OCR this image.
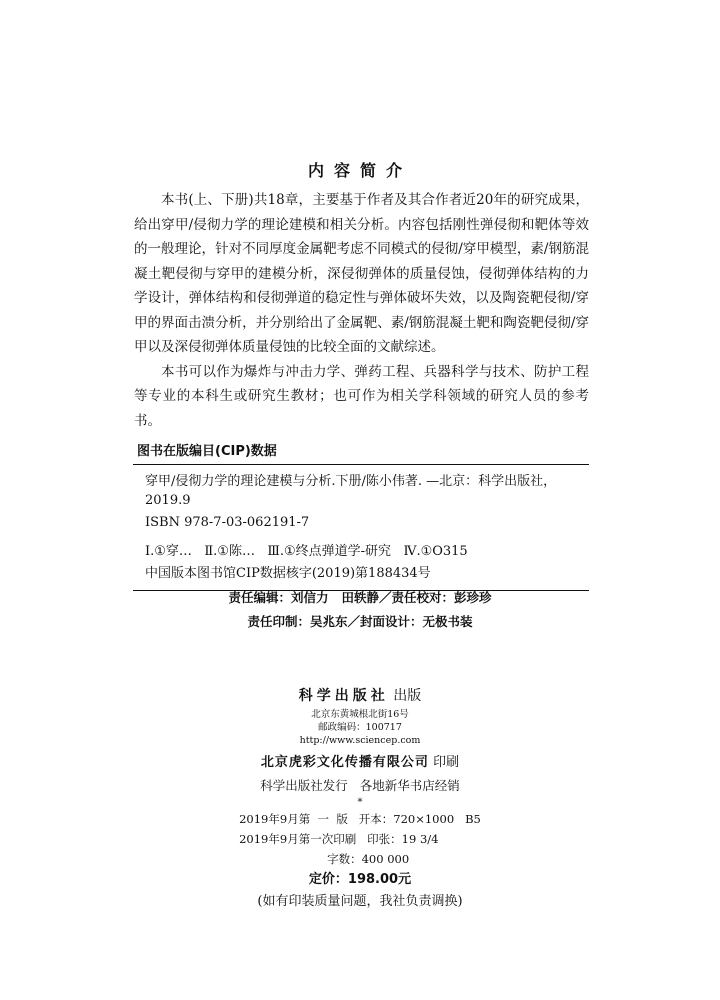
内容简介

本书(上、下册)共18章，主要基于作者及其合作者近20年的研究成果，给出穿甲/侵彻力学的理论建模和相关分析。内容包括刚性弹侵彻和靶体等效的一般理论，针对不同厚度金属靶考虑不同模式的侵彻/穿甲模型，素/钢筋混凝土靶侵彻与穿甲的建模分析，深侵彻弹体的质量侵蚀，侵彻弹体结构的力学设计，弹体结构和侵彻弹道的稳定性与弹体破坏失效，以及陶瓷靶侵彻/穿甲的界面击溃分析，并分别给出了金属靶、素/钢筋混凝土靶和陶瓷靶侵彻/穿甲以及深侵彻弹体质量侵蚀的比较全面的文献综述。

本书可以作为爆炸与冲击力学、弹药工程、兵器科学与技术、防护工程等专业的本科生或研究生教材；也可作为相关学科领域的研究人员的参考书。

图书在版编目(CIP)数据
穿甲/侵彻力学的理论建模与分析.下册/陈小伟著. —北京：科学出版社，
2019.9
ISBN 978-7-03-062191-7
Ⅰ.①穿…   Ⅱ.①陈…   Ⅲ.①终点弹道学-研究   Ⅳ.①O315
中国版本图书馆CIP数据核字(2019)第188434号
责任编辑：刘信力   田轶静／责任校对：彭珍珍
责任印制：吴兆东／封面设计：无极书装
科学出版社 出版
北京东黄城根北街16号
邮政编码：100717
http://www.sciencep.com
北京虎彩文化传播有限公司 印刷
科学出版社发行   各地新华书店经销
*
2019年9月第  一  版   开本：720×1000   B5
2019年9月第一次印刷   印张：19 3/4
字数：400 000
定价：198.00元
(如有印装质量问题，我社负责调换)
